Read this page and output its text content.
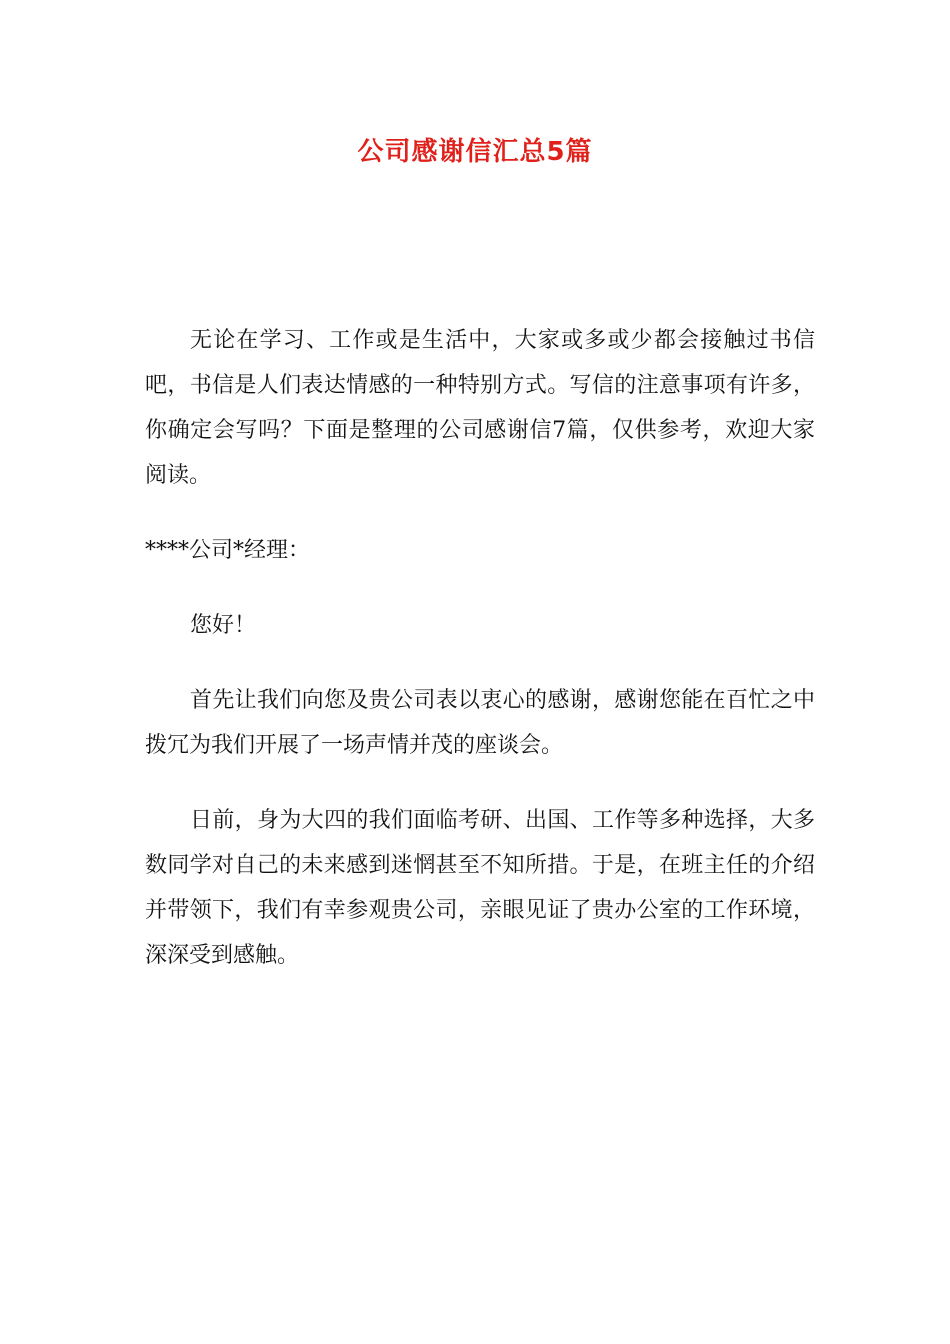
公司感谢信汇总5篇

无论在学习、工作或是生活中，大家或多或少都会接触过书信吧，书信是人们表达情感的一种特别方式。写信的注意事项有许多，你确定会写吗？下面是整理的公司感谢信7篇，仅供参考，欢迎大家阅读。

****公司*经理：

您好！

首先让我们向您及贵公司表以衷心的感谢，感谢您能在百忙之中拨冗为我们开展了一场声情并茂的座谈会。

日前，身为大四的我们面临考研、出国、工作等多种选择，大多数同学对自己的未来感到迷惘甚至不知所措。于是，在班主任的介绍并带领下，我们有幸参观贵公司，亲眼见证了贵办公室的工作环境，深深受到感触。
